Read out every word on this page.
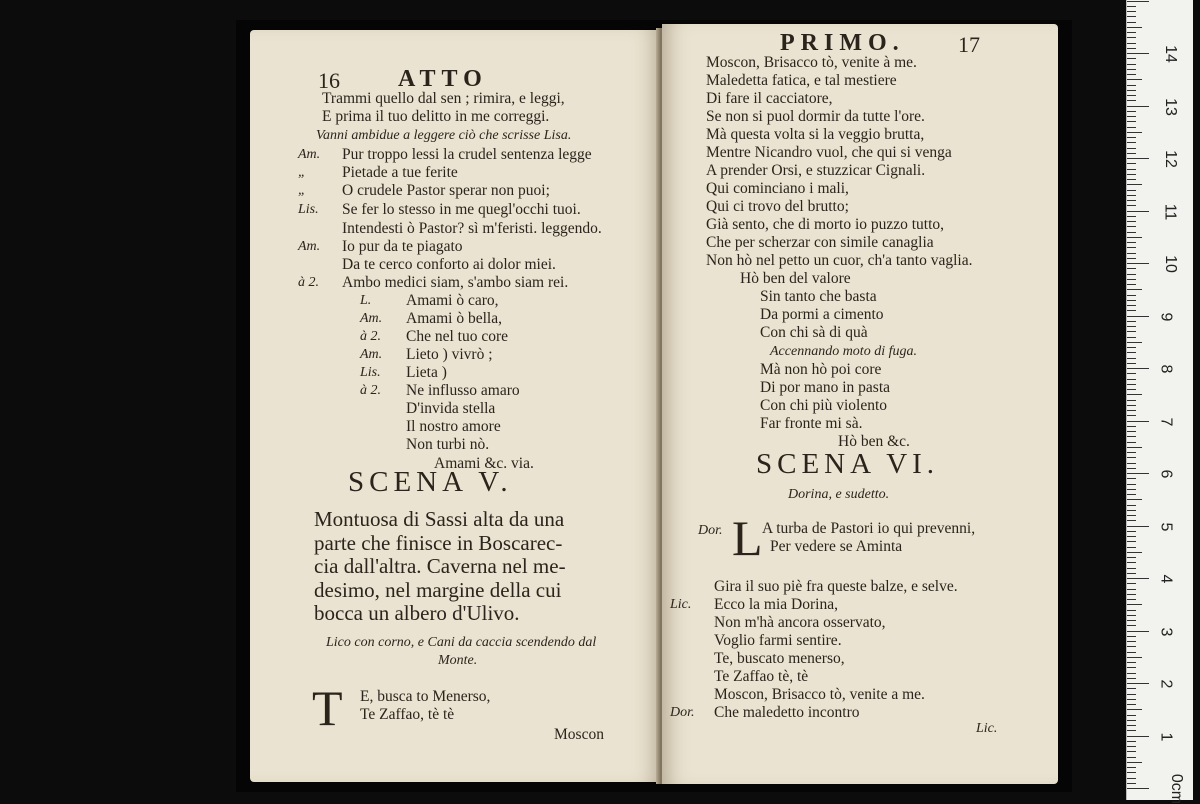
16 ATTO
Trammi quello dal sen ; rimira, e leggi,
E prima il tuo delitto in me correggi.
Vanni ambidue a leggere ciò che scrisse Lisa.
Am. Pur troppo lessi la crudel sentenza legge
„ Pietade a tue ferite
„ O crudele Pastor sperar non puoi;
Lis. Se fer lo stesso in me quegl'occhi tuoi.
Intendesti ò Pastor? sì m'feristi. leggendo.
Am. Io pur da te piagato
Da te cerco conforto ai dolor miei.
à 2. Ambo medici siam, s'ambo siam rei.
L. Amami ò caro,
Am. Amami ò bella,
à 2. Che nel tuo core
Am. Lieto ) vivrò ;
Lis. Lieta )
à 2. Ne influsso amaro
D'invida stella
Il nostro amore
Non turbi nò.
Amami &c. via.
SCENA V.
Montuosa di Sassi alta da una
parte che finisce in Boscarec-
cia dall'altra. Caverna nel me-
desimo, nel margine della cui
bocca un albero d'Ulivo.
Lico con corno, e Cani da caccia scendendo dal
Monte.
T E, busca to Menerso,
Te Zaffao, tè tè
Moscon
PRIMO. 17
Moscon, Brisacco tò, venite à me.
Maledetta fatica, e tal mestiere
Di fare il cacciatore,
Se non si puol dormir da tutte l'ore.
Mà questa volta si la veggio brutta,
Mentre Nicandro vuol, che qui si venga
A prender Orsi, e stuzzicar Cignali.
Qui cominciano i mali,
Qui ci trovo del brutto;
Già sento, che di morto io puzzo tutto,
Che per scherzar con simile canaglia
Non hò nel petto un cuor, ch'a tanto vaglia.
Hò ben del valore
Sin tanto che basta
Da pormi a cimento
Con chi sà di quà
Accennando moto di fuga.
Mà non hò poi core
Di por mano in pasta
Con chi più violento
Far fronte mi sà.
Hò ben &c.
SCENA VI.
Dorina, e sudetto.
Dor. L A turba de Pastori io qui prevenni,
Per vedere se Aminta
Gira il suo piè fra queste balze, e selve.
Lic. Ecco la mia Dorina,
Non m'hà ancora osservato,
Voglio farmi sentire.
Te, buscato menerso,
Te Zaffao tè, tè
Moscon, Brisacco tò, venite a me.
Dor. Che maledetto incontro
Lic.
14
13
12
11
10
9
8
7
6
5
4
3
2
1
0cm
